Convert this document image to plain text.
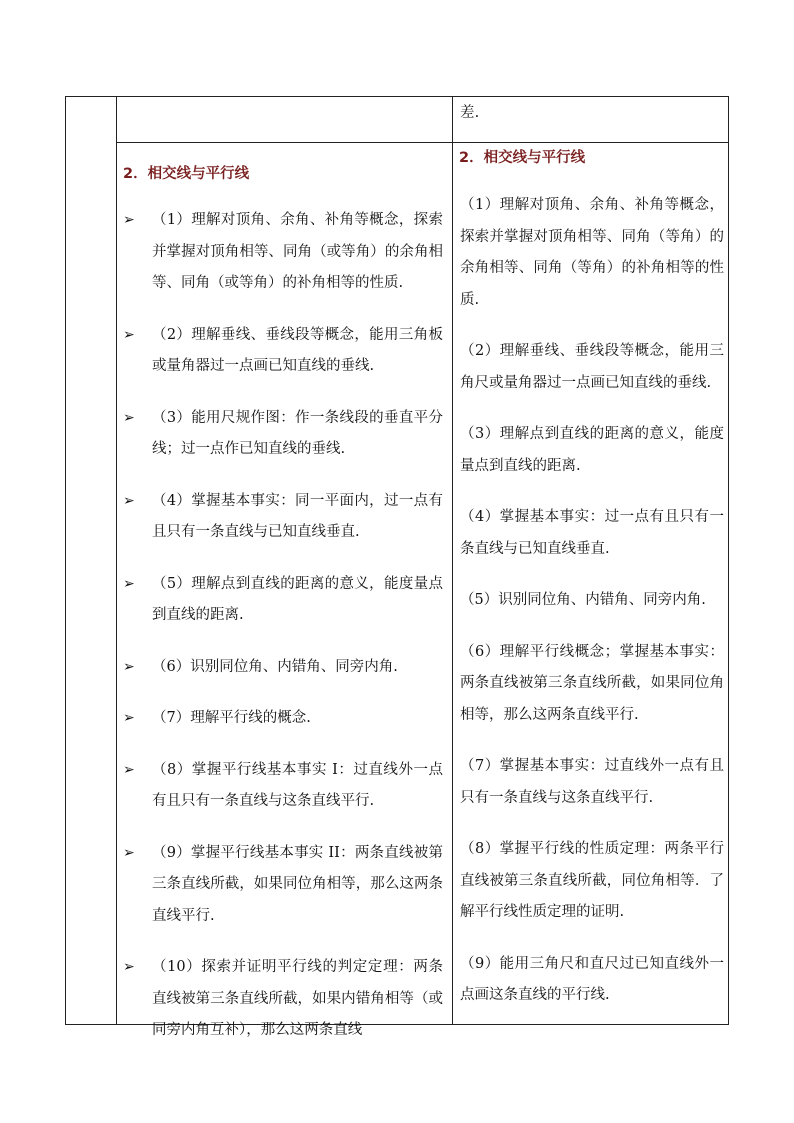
差.
2．相交线与平行线
2．相交线与平行线
➢ （1）理解对顶角、余角、补角等概念，探索并掌握对顶角相等、同角（或等角）的余角相等、同角（或等角）的补角相等的性质.
➢ （2）理解垂线、垂线段等概念，能用三角板或量角器过一点画已知直线的垂线.
➢ （3）能用尺规作图：作一条线段的垂直平分线；过一点作已知直线的垂线.
➢ （4）掌握基本事实：同一平面内，过一点有且只有一条直线与已知直线垂直.
➢ （5）理解点到直线的距离的意义，能度量点到直线的距离.
➢ （6）识别同位角、内错角、同旁内角.
➢ （7）理解平行线的概念.
➢ （8）掌握平行线基本事实 I：过直线外一点有且只有一条直线与这条直线平行.
➢ （9）掌握平行线基本事实 II：两条直线被第三条直线所截，如果同位角相等，那么这两条直线平行.
➢ （10）探索并证明平行线的判定定理：两条直线被第三条直线所截，如果内错角相等（或同旁内角互补），那么这两条直线
（1）理解对顶角、余角、补角等概念，探索并掌握对顶角相等、同角（等角）的余角相等、同角（等角）的补角相等的性质.
（2）理解垂线、垂线段等概念，能用三角尺或量角器过一点画已知直线的垂线.
（3）理解点到直线的距离的意义，能度量点到直线的距离.
（4）掌握基本事实：过一点有且只有一条直线与已知直线垂直.
（5）识别同位角、内错角、同旁内角.
（6）理解平行线概念；掌握基本事实：两条直线被第三条直线所截，如果同位角相等，那么这两条直线平行.
（7）掌握基本事实：过直线外一点有且只有一条直线与这条直线平行.
（8）掌握平行线的性质定理：两条平行直线被第三条直线所截，同位角相等．了解平行线性质定理的证明.
（9）能用三角尺和直尺过已知直线外一点画这条直线的平行线.
